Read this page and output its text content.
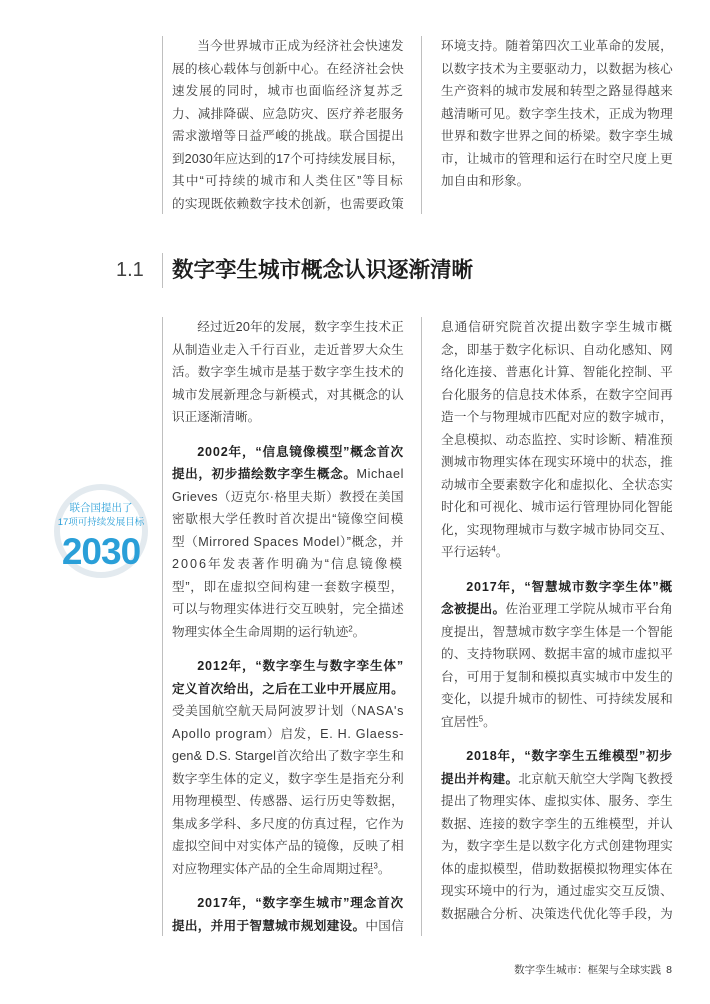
当今世界城市正成为经济社会快速发
展的核心载体与创新中心。在经济社会快
速发展的同时，城市也面临经济复苏乏
力、减排降碳、应急防灾、医疗养老服务
需求激增等日益严峻的挑战。联合国提出
到2030年应达到的17个可持续发展目标，
其中“可持续的城市和人类住区”等目标
的实现既依赖数字技术创新，也需要政策
环境支持。随着第四次工业革命的发展，
以数字技术为主要驱动力，以数据为核心
生产资料的城市发展和转型之路显得越来
越清晰可见。数字孪生技术，正成为物理
世界和数字世界之间的桥梁。数字孪生城
市，让城市的管理和运行在时空尺度上更
加自由和形象。
1.1 数字孪生城市概念认识逐渐清晰
联合国提出了
17项可持续发展目标
2030
经过近20年的发展，数字孪生技术正
从制造业走入千行百业，走近普罗大众生
活。数字孪生城市是基于数字孪生技术的
城市发展新理念与新模式，对其概念的认
识正逐渐清晰。
2002年，“信息镜像模型”概念首次
提出，初步描绘数字孪生概念。Michael
Grieves（迈克尔·格里夫斯）教授在美国
密歇根大学任教时首次提出“镜像空间模
型（Mirrored Spaces Model）”概念，并
2006年发表著作明确为“信息镜像模
型”，即在虚拟空间构建一套数字模型，
可以与物理实体进行交互映射，完全描述
物理实体全生命周期的运行轨迹$^2$。
2012年，“数字孪生与数字孪生体”
定义首次给出，之后在工业中开展应用。
受美国航空航天局阿波罗计划（NASA's
Apollo program）启发，E. H. Glaess-
gen& D.S. Stargel首次给出了数字孪生和
数字孪生体的定义，数字孪生是指充分利
用物理模型、传感器、运行历史等数据，
集成多学科、多尺度的仿真过程，它作为
虚拟空间中对实体产品的镜像，反映了相
对应物理实体产品的全生命周期过程$^3$。
2017年，“数字孪生城市”理念首次
提出，并用于智慧城市规划建设。中国信
息通信研究院首次提出数字孪生城市概
念，即基于数字化标识、自动化感知、网
络化连接、普惠化计算、智能化控制、平
台化服务的信息技术体系，在数字空间再
造一个与物理城市匹配对应的数字城市，
全息模拟、动态监控、实时诊断、精准预
测城市物理实体在现实环境中的状态，推
动城市全要素数字化和虚拟化、全状态实
时化和可视化、城市运行管理协同化智能
化，实现物理城市与数字城市协同交互、
平行运转$^4$。
2017年，“智慧城市数字孪生体”概
念被提出。佐治亚理工学院从城市平台角
度提出，智慧城市数字孪生体是一个智能
的、支持物联网、数据丰富的城市虚拟平
台，可用于复制和模拟真实城市中发生的
变化，以提升城市的韧性、可持续发展和
宜居性$^5$。
2018年，“数字孪生五维模型”初步
提出并构建。北京航天航空大学陶飞教授
提出了物理实体、虚拟实体、服务、孪生
数据、连接的数字孪生的五维模型，并认
为，数字孪生是以数字化方式创建物理实
体的虚拟模型，借助数据模拟物理实体在
现实环境中的行为，通过虚实交互反馈、
数据融合分析、决策迭代优化等手段，为
数字孪生城市：框架与全球实践 8
